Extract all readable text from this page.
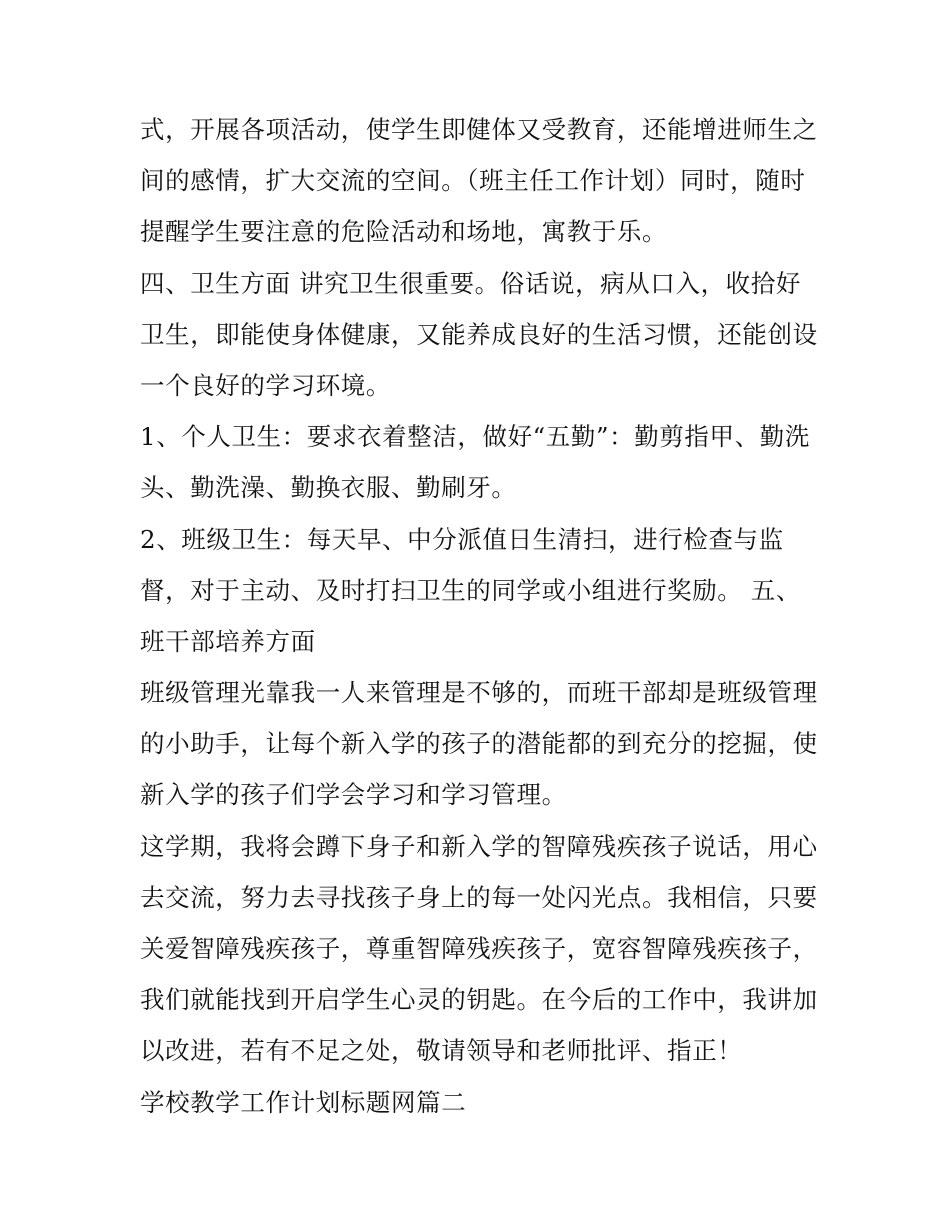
式，开展各项活动，使学生即健体又受教育，还能增进师生之
间的感情，扩大交流的空间。（班主任工作计划）同时，随时
提醒学生要注意的危险活动和场地，寓教于乐。
四、卫生方面 讲究卫生很重要。俗话说，病从口入，收拾好
卫生，即能使身体健康，又能养成良好的生活习惯，还能创设
一个良好的学习环境。
1、个人卫生：要求衣着整洁，做好“五勤”：勤剪指甲、勤洗
头、勤洗澡、勤换衣服、勤刷牙。
2、班级卫生：每天早、中分派值日生清扫，进行检查与监
督，对于主动、及时打扫卫生的同学或小组进行奖励。 五、
班干部培养方面
班级管理光靠我一人来管理是不够的，而班干部却是班级管理
的小助手，让每个新入学的孩子的潜能都的到充分的挖掘，使
新入学的孩子们学会学习和学习管理。
这学期，我将会蹲下身子和新入学的智障残疾孩子说话，用心
去交流，努力去寻找孩子身上的每一处闪光点。我相信，只要
关爱智障残疾孩子，尊重智障残疾孩子，宽容智障残疾孩子，
我们就能找到开启学生心灵的钥匙。在今后的工作中，我讲加
以改进，若有不足之处，敬请领导和老师批评、指正！
学校教学工作计划标题网篇二
